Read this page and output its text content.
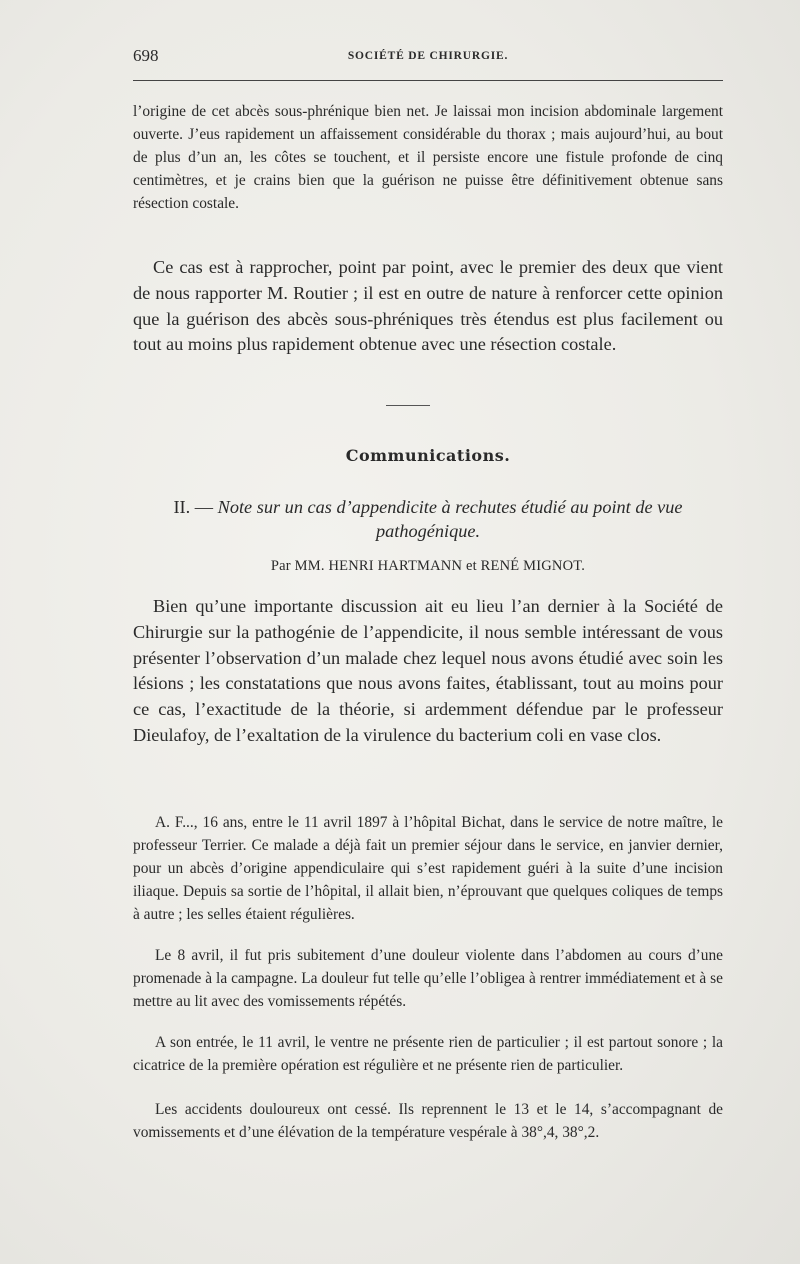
698	SOCIÉTÉ DE CHIRURGIE.

l’origine de cet abcès sous-phrénique bien net. Je laissai mon incision abdominale largement ouverte. J’eus rapidement un affaissement considérable du thorax ; mais aujourd’hui, au bout de plus d’un an, les côtes se touchent, et il persiste encore une fistule profonde de cinq centimètres, et je crains bien que la guérison ne puisse être définitivement obtenue sans résection costale.

Ce cas est à rapprocher, point par point, avec le premier des deux que vient de nous rapporter M. Routier ; il est en outre de nature à renforcer cette opinion que la guérison des abcès sous-phréniques très étendus est plus facilement ou tout au moins plus rapidement obtenue avec une résection costale.

Communications.
II. — Note sur un cas d’appendicite à rechutes étudié au point de vue pathogénique.
Par MM. HENRI HARTMANN et RENÉ MIGNOT.

Bien qu’une importante discussion ait eu lieu l’an dernier à la Société de Chirurgie sur la pathogénie de l’appendicite, il nous semble intéressant de vous présenter l’observation d’un malade chez lequel nous avons étudié avec soin les lésions ; les constatations que nous avons faites, établissant, tout au moins pour ce cas, l’exactitude de la théorie, si ardemment défendue par le professeur Dieulafoy, de l’exaltation de la virulence du bacterium coli en vase clos.

A. F..., 16 ans, entre le 11 avril 1897 à l’hôpital Bichat, dans le service de notre maître, le professeur Terrier. Ce malade a déjà fait un premier séjour dans le service, en janvier dernier, pour un abcès d’origine appendiculaire qui s’est rapidement guéri à la suite d’une incision iliaque. Depuis sa sortie de l’hôpital, il allait bien, n’éprouvant que quelques coliques de temps à autre ; les selles étaient régulières.

Le 8 avril, il fut pris subitement d’une douleur violente dans l’abdomen au cours d’une promenade à la campagne. La douleur fut telle qu’elle l’obligea à rentrer immédiatement et à se mettre au lit avec des vomissements répétés.

A son entrée, le 11 avril, le ventre ne présente rien de particulier ; il est partout sonore ; la cicatrice de la première opération est régulière et ne présente rien de particulier.

Les accidents douloureux ont cessé. Ils reprennent le 13 et le 14, s’accompagnant de vomissements et d’une élévation de la température vespérale à 38°,4, 38°,2.
